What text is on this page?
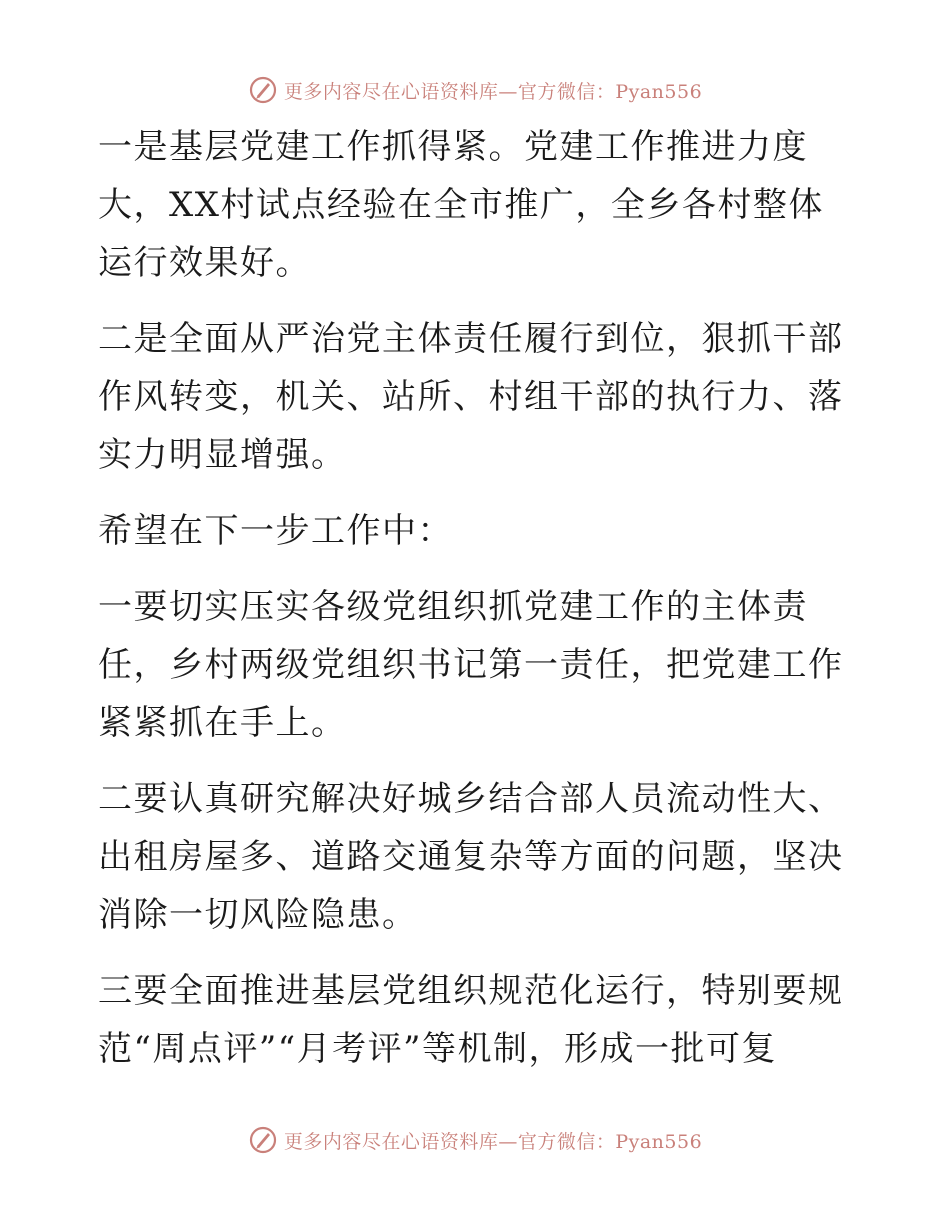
更多内容尽在心语资料库—官方微信：Pyan556

一是基层党建工作抓得紧。党建工作推进力度大，XX村试点经验在全市推广，全乡各村整体运行效果好。

二是全面从严治党主体责任履行到位，狠抓干部作风转变，机关、站所、村组干部的执行力、落实力明显增强。

希望在下一步工作中：

一要切实压实各级党组织抓党建工作的主体责任，乡村两级党组织书记第一责任，把党建工作紧紧抓在手上。

二要认真研究解决好城乡结合部人员流动性大、出租房屋多、道路交通复杂等方面的问题，坚决消除一切风险隐患。

三要全面推进基层党组织规范化运行，特别要规范“周点评”“月考评”等机制，形成一批可复

更多内容尽在心语资料库—官方微信：Pyan556
